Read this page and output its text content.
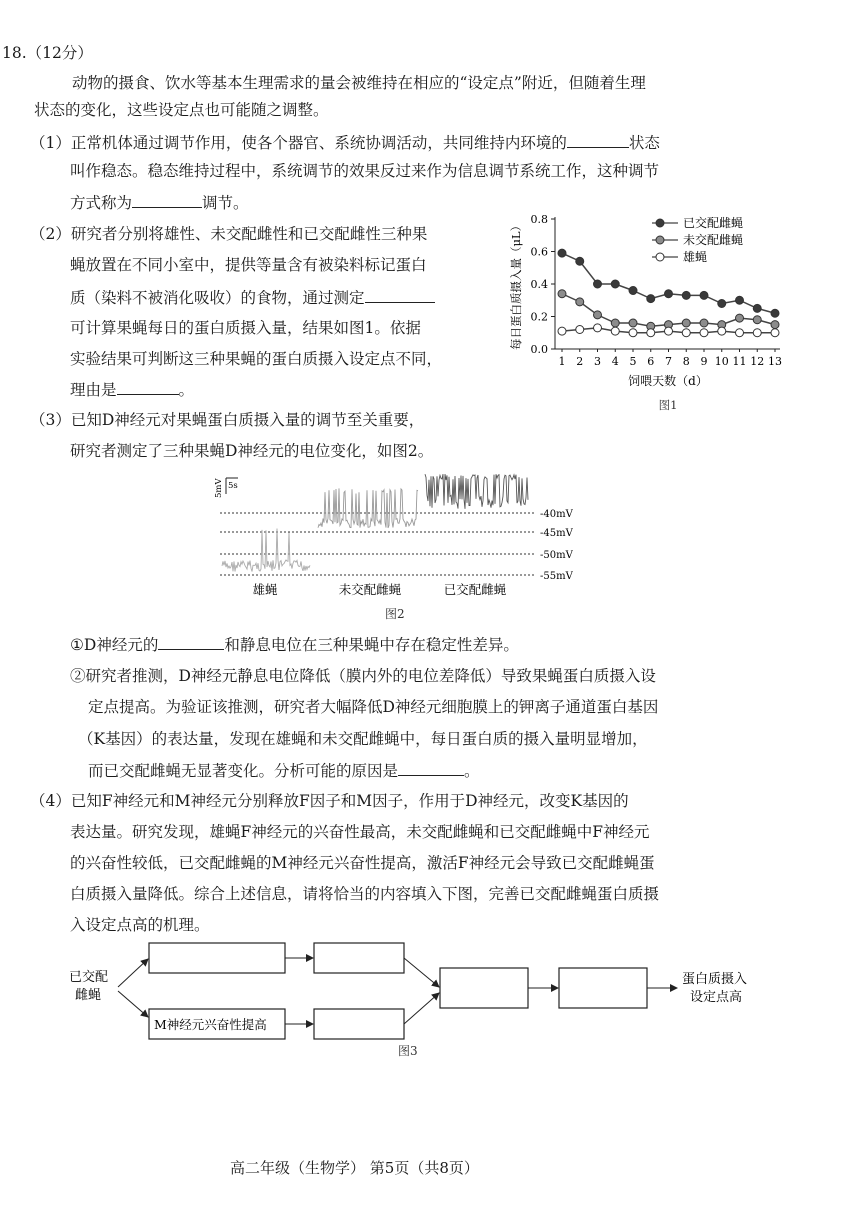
18.（12分）
动物的摄食、饮水等基本生理需求的量会被维持在相应的“设定点”附近，但随着生理
状态的变化，这些设定点也可能随之调整。
（1）正常机体通过调节作用，使各个器官、系统协调活动，共同维持内环境的	状态
叫作稳态。稳态维持过程中，系统调节的效果反过来作为信息调节系统工作，这种调节
方式称为	调节。
（2）研究者分别将雄性、未交配雌性和已交配雌性三种果
蝇放置在不同小室中，提供等量含有被染料标记蛋白
质（染料不被消化吸收）的食物，通过测定
可计算果蝇每日的蛋白质摄入量，结果如图1。依据
实验结果可判断这三种果蝇的蛋白质摄入设定点不同，
理由是	。
0.0
0.2
0.4
0.6
0.8
1 2 3 4 5 6 7 8 9 10 11 12 13
每日蛋白质摄入量（μL）
饲喂天数（d）
图1
已交配雌蝇
未交配雌蝇
雄蝇
（3）已知D神经元对果蝇蛋白质摄入量的调节至关重要，
研究者测定了三种果蝇D神经元的电位变化，如图2。
5mV 5s
-40mV
-45mV
-50mV
-55mV
雄蝇	未交配雌蝇	已交配雌蝇
图2
①D神经元的	和静息电位在三种果蝇中存在稳定性差异。
②研究者推测，D神经元静息电位降低（膜内外的电位差降低）导致果蝇蛋白质摄入设
定点提高。为验证该推测，研究者大幅降低D神经元细胞膜上的钾离子通道蛋白基因
（K基因）的表达量，发现在雄蝇和未交配雌蝇中，每日蛋白质的摄入量明显增加，
而已交配雌蝇无显著变化。分析可能的原因是	。
（4）已知F神经元和M神经元分别释放F因子和M因子，作用于D神经元，改变K基因的
表达量。研究发现，雄蝇F神经元的兴奋性最高，未交配雌蝇和已交配雌蝇中F神经元
的兴奋性较低，已交配雌蝇的M神经元兴奋性提高，激活F神经元会导致已交配雌蝇蛋
白质摄入量降低。综合上述信息，请将恰当的内容填入下图，完善已交配雌蝇蛋白质摄
入设定点高的机理。
已交配
雌蝇
M神经元兴奋性提高
蛋白质摄入
设定点高
图3
高二年级（生物学） 第5页（共8页）
